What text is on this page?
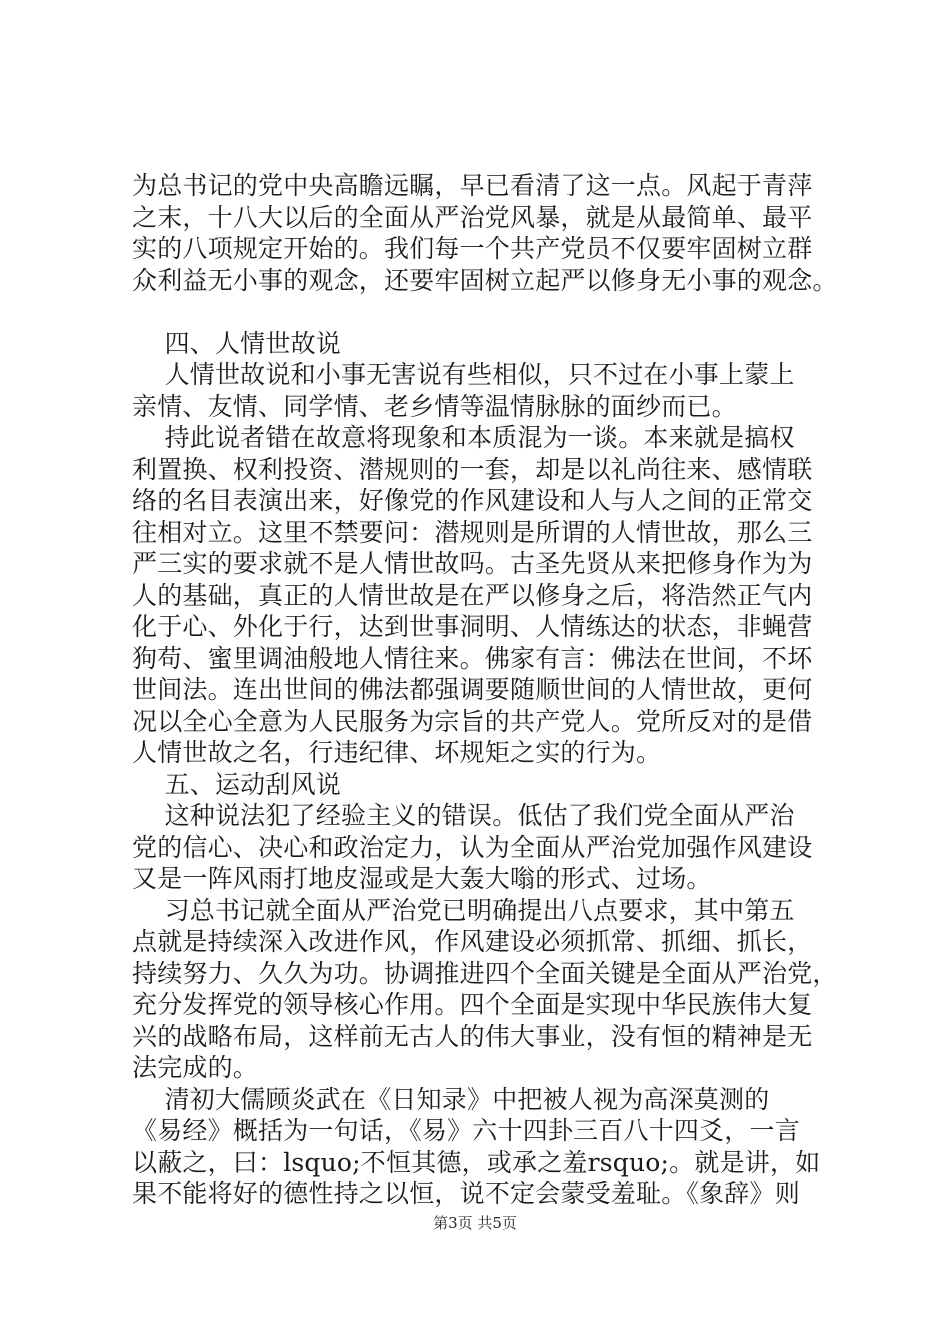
为总书记的党中央高瞻远瞩，早已看清了这一点。风起于青萍
之末，十八大以后的全面从严治党风暴，就是从最简单、最平
实的八项规定开始的。我们每一个共产党员不仅要牢固树立群
众利益无小事的观念，还要牢固树立起严以修身无小事的观念。
四、人情世故说
人情世故说和小事无害说有些相似，只不过在小事上蒙上
亲情、友情、同学情、老乡情等温情脉脉的面纱而已。
持此说者错在故意将现象和本质混为一谈。本来就是搞权
利置换、权利投资、潜规则的一套，却是以礼尚往来、感情联
络的名目表演出来，好像党的作风建设和人与人之间的正常交
往相对立。这里不禁要问：潜规则是所谓的人情世故，那么三
严三实的要求就不是人情世故吗。古圣先贤从来把修身作为为
人的基础，真正的人情世故是在严以修身之后，将浩然正气内
化于心、外化于行，达到世事洞明、人情练达的状态，非蝇营
狗苟、蜜里调油般地人情往来。佛家有言：佛法在世间，不坏
世间法。连出世间的佛法都强调要随顺世间的人情世故，更何
况以全心全意为人民服务为宗旨的共产党人。党所反对的是借
人情世故之名，行违纪律、坏规矩之实的行为。
五、运动刮风说
这种说法犯了经验主义的错误。低估了我们党全面从严治
党的信心、决心和政治定力，认为全面从严治党加强作风建设
又是一阵风雨打地皮湿或是大轰大嗡的形式、过场。
习总书记就全面从严治党已明确提出八点要求，其中第五
点就是持续深入改进作风，作风建设必须抓常、抓细、抓长，
持续努力、久久为功。协调推进四个全面关键是全面从严治党，
充分发挥党的领导核心作用。四个全面是实现中华民族伟大复
兴的战略布局，这样前无古人的伟大事业，没有恒的精神是无
法完成的。
清初大儒顾炎武在《日知录》中把被人视为高深莫测的
《易经》概括为一句话，《易》六十四卦三百八十四爻，一言
以蔽之，曰：lsquo;不恒其德，或承之羞rsquo;。就是讲，如
果不能将好的德性持之以恒，说不定会蒙受羞耻。《象辞》则
第3页 共5页
